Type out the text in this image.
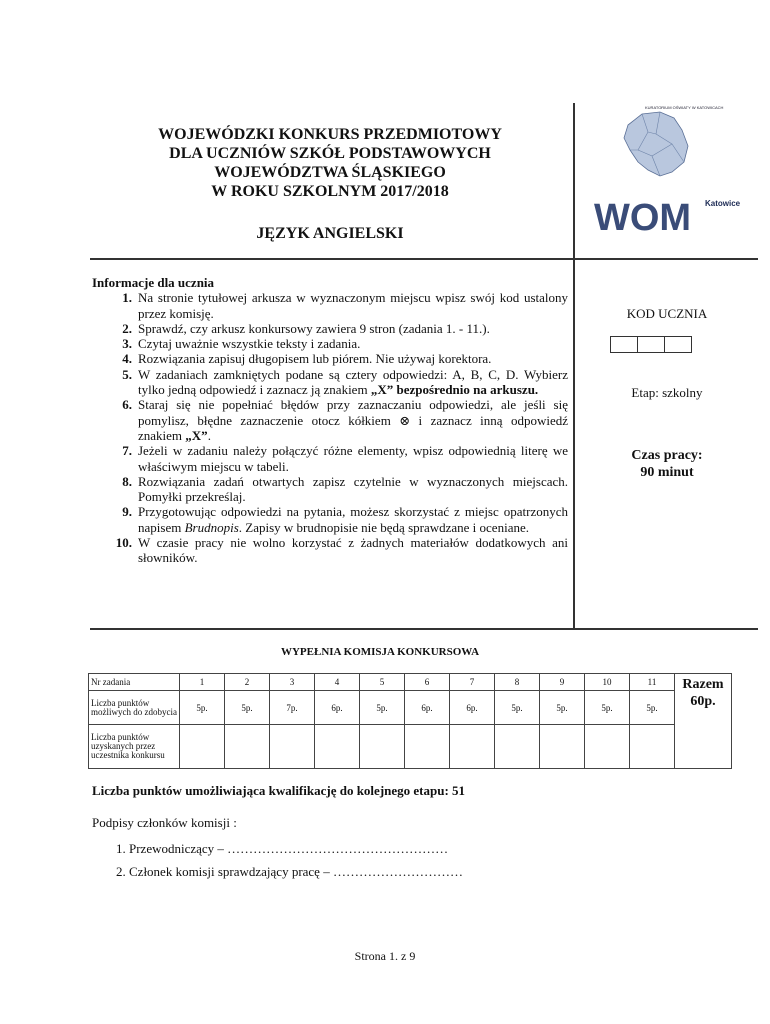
WOJEWÓDZKI KONKURS PRZEDMIOTOWY
DLA UCZNIÓW SZKÓŁ PODSTAWOWYCH
WOJEWÓDZTWA ŚLĄSKIEGO
W ROKU SZKOLNYM 2017/2018
JĘZYK ANGIELSKI
KURATORIUM OŚWIATY W KATOWICACH
WOM Katowice
Informacje dla ucznia
1. Na stronie tytułowej arkusza w wyznaczonym miejscu wpisz swój kod ustalony przez komisję.
2. Sprawdź, czy arkusz konkursowy zawiera 9 stron (zadania 1. - 11.).
3. Czytaj uważnie wszystkie teksty i zadania.
4. Rozwiązania zapisuj długopisem lub piórem. Nie używaj korektora.
5. W zadaniach zamkniętych podane są cztery odpowiedzi: A, B, C, D. Wybierz tylko jedną odpowiedź i zaznacz ją znakiem „X” bezpośrednio na arkuszu.
6. Staraj się nie popełniać błędów przy zaznaczaniu odpowiedzi, ale jeśli się pomylisz, błędne zaznaczenie otocz kółkiem ⊗ i zaznacz inną odpowiedź znakiem „X”.
7. Jeżeli w zadaniu należy połączyć różne elementy, wpisz odpowiednią literę we właściwym miejscu w tabeli.
8. Rozwiązania zadań otwartych zapisz czytelnie w wyznaczonych miejscach. Pomyłki przekreślaj.
9. Przygotowując odpowiedzi na pytania, możesz skorzystać z miejsc opatrzonych napisem Brudnopis. Zapisy w brudnopisie nie będą sprawdzane i oceniane.
10. W czasie pracy nie wolno korzystać z żadnych materiałów dodatkowych ani słowników.
KOD UCZNIA
Etap: szkolny
Czas pracy:
90 minut
WYPEŁNIA KOMISJA KONKURSOWA
Nr zadania	1	2	3	4	5	6	7	8	9	10	11	Razem
60p.

Liczba punktów możliwych do zdobycia	5p.	5p.	7p.	6p.	5p.	6p.	6p.	5p.	5p.	5p.	5p.	
Liczba punktów uzyskanych przez uczestnika konkursu												
Liczba punktów umożliwiająca kwalifikację do kolejnego etapu: 51
Podpisy członków komisji :
1. Przewodniczący – ……………………………………………
2. Członek komisji sprawdzający pracę – …………………………
Strona 1. z 9
